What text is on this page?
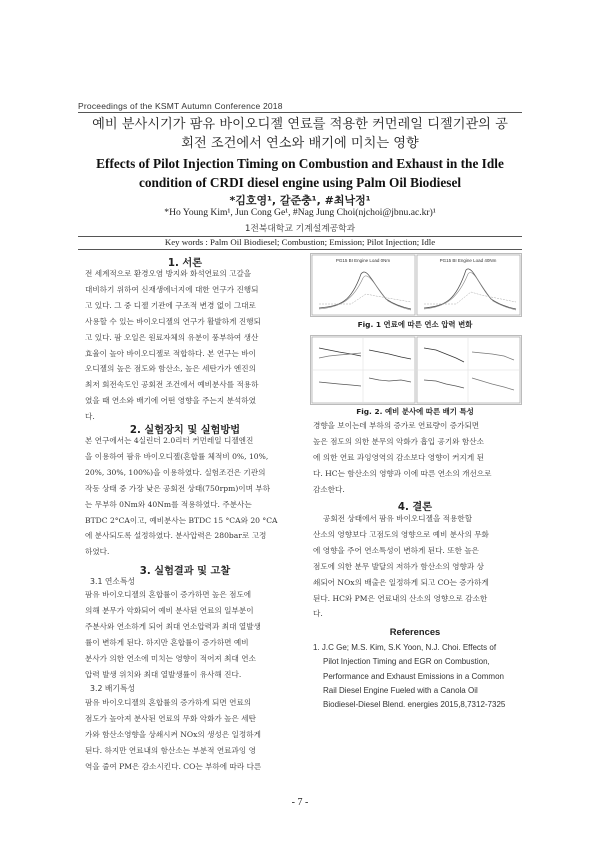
Proceedings of the KSMT Autumn Conference 2018
예비 분사시기가 팜유 바이오디젤 연료를 적용한 커먼레일 디젤기관의 공
회전 조건에서 연소와 배기에 미치는 영향
Effects of Pilot Injection Timing on Combustion and Exhaust in the Idle
condition of CRDI diesel engine using Palm Oil Biodiesel
*김호영¹, 갈준충¹, #최낙정¹
*Ho Young Kim¹, Jun Cong Ge¹, #Nag Jung Choi(njchoi@jbnu.ac.kr)¹
1전북대학교 기계설계공학과
Key words : Palm Oil Biodiesel; Combustion; Emission; Pilot Injection; Idle
1. 서론

전 세계적으로 환경오염 방지와 화석연료의 고갈을

대비하기 위하여 신재생에너지에 대한 연구가 진행되

고 있다. 그 중 디젤 기관에 구조적 변경 없이 그대로

사용할 수 있는 바이오디젤의 연구가 활발하게 진행되

고 있다. 팜 오일은 원료자체의 유분이 풍부하여 생산

효율이 높아 바이오디젤로 적합하다. 본 연구는 바이

오디젤의 높은 점도와 함산소, 높은 세탄가가 엔진의

최저 회전속도인 공회전 조건에서 예비분사를 적용하

였을 때 연소와 배기에 어떤 영향을 주는지 분석하였

다.

2. 실험장치 및 실험방법

본 연구에서는 4실린더 2.0리터 커먼레일 디젤엔진

을 이용하여 팜유 바이오디젤(혼합률 체적비 0%, 10%,

20%, 30%, 100%)을 이용하였다. 실험조건은 기관의

작동 상태 중 가장 낮은 공회전 상태(750rpm)이며 부하

는 무부하 0Nm와 40Nm를 적용하였다. 주분사는

BTDC 2°CA이고, 예비분사는 BTDC 15 °CA와 20 °CA

에 분사되도록 설정하였다. 분사압력은 280bar로 고정

하였다.

3. 실험결과 및 고찰
3.1 연소특성

팜유 바이오디젤의 혼합률이 증가하면 높은 점도에

의해 분무가 악화되어 예비 분사된 연료의 일부분이

주분사와 연소하게 되어 최대 연소압력과 최대 열발생

률이 변하게 된다. 하지만 혼합률이 증가하면 예비

분사가 의한 연소에 미치는 영향이 적어져 최대 연소

압력 발생 위치와 최대 열발생률이 유사해 진다.

3.2 배기특성

팜유 바이오디젤의 혼합률의 증가하게 되면 연료의

점도가 높아져 분사된 연료의 무화 악화가 높은 세탄

가와 함산소영향을 상쇄시켜 NOx의 생성은 일정하게

된다. 하지만 연료내의 함산소는 부분적 연료과잉 영

역을 줄여 PM은 감소시킨다. CO는 부하에 따라 다른

PG15 BI Engine Load 0Nm	PG15 BI Engine Load 40Nm
Fig. 1 연료에 따른 연소 압력 변화
Fig. 2. 예비 분사에 따른 배기 특성

경향을 보이는데 부하의 증가로 연료량이 증가되면

높은 점도의 의한 분무의 악화가 흡입 공기와 함산소

에 의한 연료 과잉영역의 감소보다 영향이 커지게 된

다. HC는 함산소의 영향과 이에 따른 연소의 개선으로

감소한다.

4. 결론

공회전 상태에서 팜유 바이오디젤을 적용한할

산소의 영향보다 고점도의 영향으로 예비 분사의 무화

에 영향을 주어 연소특성이 변하게 된다. 또한 높은

점도에 의한 분무 발달의 저하가 함산소의 영향과 상

쇄되어 NOx의 배출은 일정하게 되고 CO는 증가하게

된다. HC와 PM은 연료내의 산소의 영향으로 감소한

다.

References
1. J.C Ge; M.S. Kim, S.K Yoon, N.J. Choi. Effects of
Pilot Injection Timing and EGR on Combustion,
Performance and Exhaust Emissions in a Common
Rail Diesel Engine Fueled with a Canola Oil
Biodiesel-Diesel Blend. energies 2015,8,7312-7325
- 7 -
